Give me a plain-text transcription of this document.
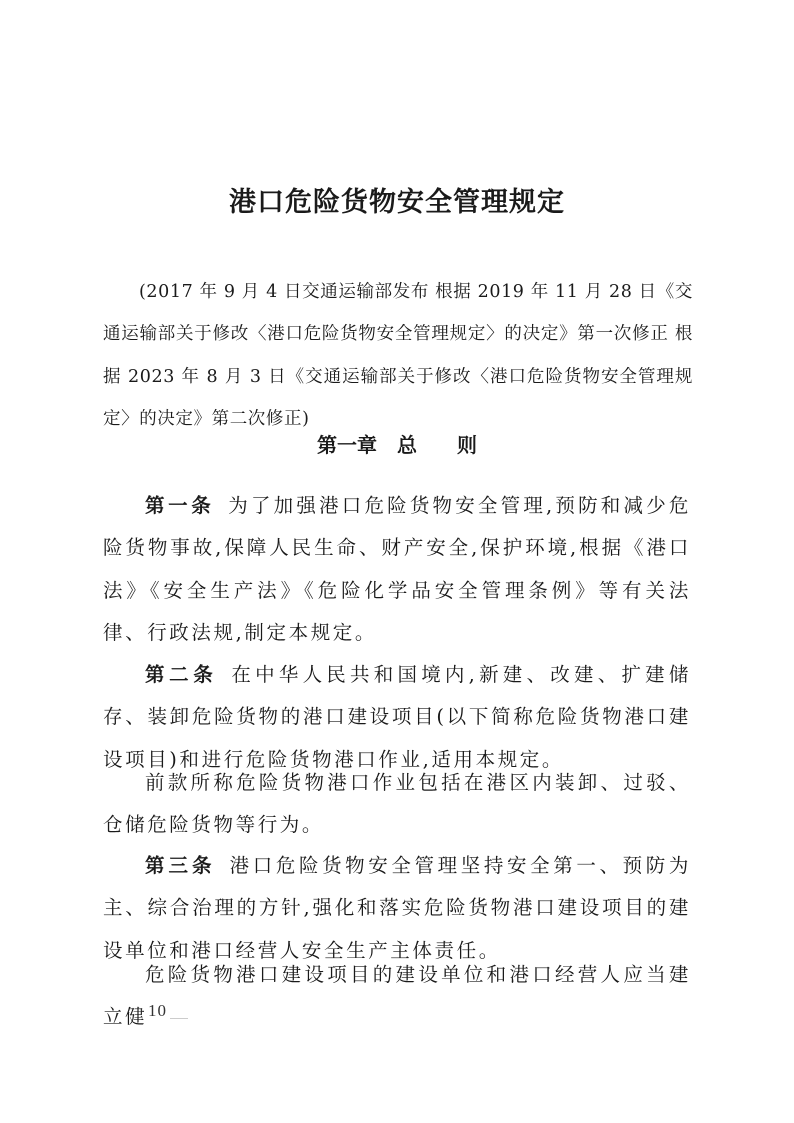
港口危险货物安全管理规定

(2017 年 9 月 4 日交通运输部发布 根据 2019 年 11 月 28 日《交通运输部关于修改〈港口危险货物安全管理规定〉的决定》第一次修正 根据 2023 年 8 月 3 日《交通运输部关于修改〈港口危险货物安全管理规定〉的决定》第二次修正)

第一章　总　　则

第一条 为了加强港口危险货物安全管理,预防和减少危险货物事故,保障人民生命、财产安全,保护环境,根据《港口法》《安全生产法》《危险化学品安全管理条例》等有关法律、行政法规,制定本规定。

第二条 在中华人民共和国境内,新建、改建、扩建储存、装卸危险货物的港口建设项目(以下简称危险货物港口建设项目)和进行危险货物港口作业,适用本规定。

前款所称危险货物港口作业包括在港区内装卸、过驳、仓储危险货物等行为。

第三条 港口危险货物安全管理坚持安全第一、预防为主、综合治理的方针,强化和落实危险货物港口建设项目的建设单位和港口经营人安全生产主体责任。

危险货物港口建设项目的建设单位和港口经营人应当建立健 10
